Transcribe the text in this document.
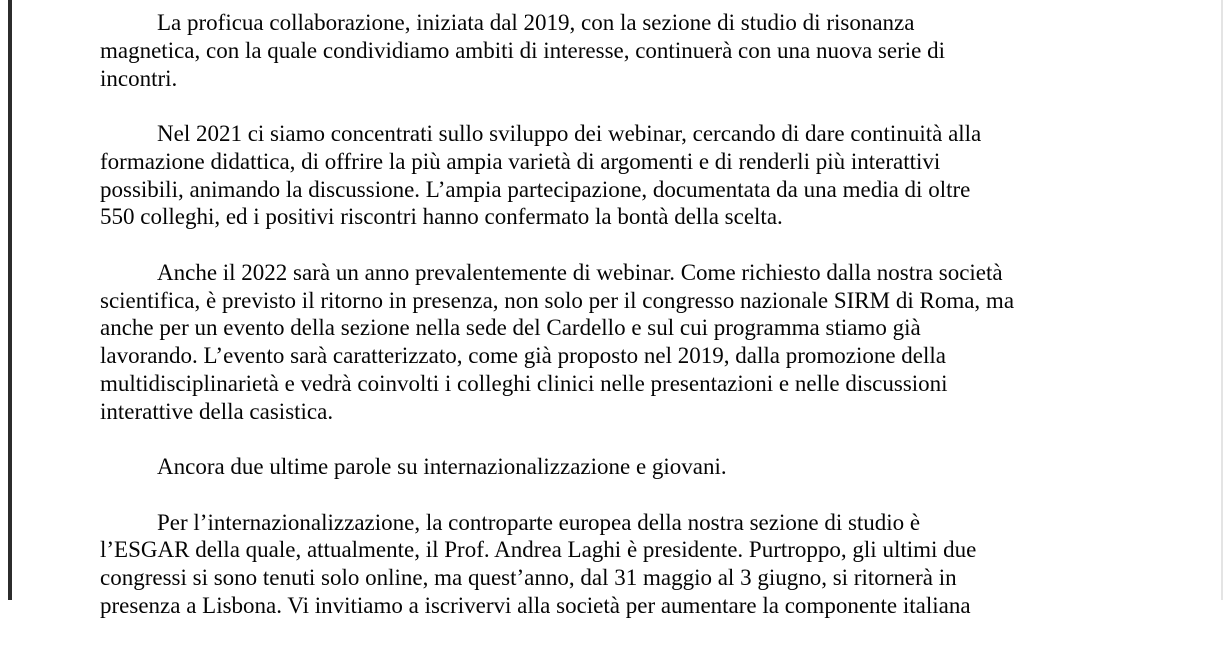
La proficua collaborazione, iniziata dal 2019, con la sezione di studio di risonanza
magnetica, con la quale condividiamo ambiti di interesse, continuerà con una nuova serie di
incontri.

Nel 2021 ci siamo concentrati sullo sviluppo dei webinar, cercando di dare continuità alla
formazione didattica, di offrire la più ampia varietà di argomenti e di renderli più interattivi
possibili, animando la discussione. L’ampia partecipazione, documentata da una media di oltre
550 colleghi, ed i positivi riscontri hanno confermato la bontà della scelta.

Anche il 2022 sarà un anno prevalentemente di webinar. Come richiesto dalla nostra società
scientifica, è previsto il ritorno in presenza, non solo per il congresso nazionale SIRM di Roma, ma
anche per un evento della sezione nella sede del Cardello e sul cui programma stiamo già
lavorando. L’evento sarà caratterizzato, come già proposto nel 2019, dalla promozione della
multidisciplinarietà e vedrà coinvolti i colleghi clinici nelle presentazioni e nelle discussioni
interattive della casistica.

Ancora due ultime parole su internazionalizzazione e giovani.

Per l’internazionalizzazione, la controparte europea della nostra sezione di studio è
l’ESGAR della quale, attualmente, il Prof. Andrea Laghi è presidente. Purtroppo, gli ultimi due
congressi si sono tenuti solo online, ma quest’anno, dal 31 maggio al 3 giugno, si ritornerà in
presenza a Lisbona. Vi invitiamo a iscrivervi alla società per aumentare la componente italiana
